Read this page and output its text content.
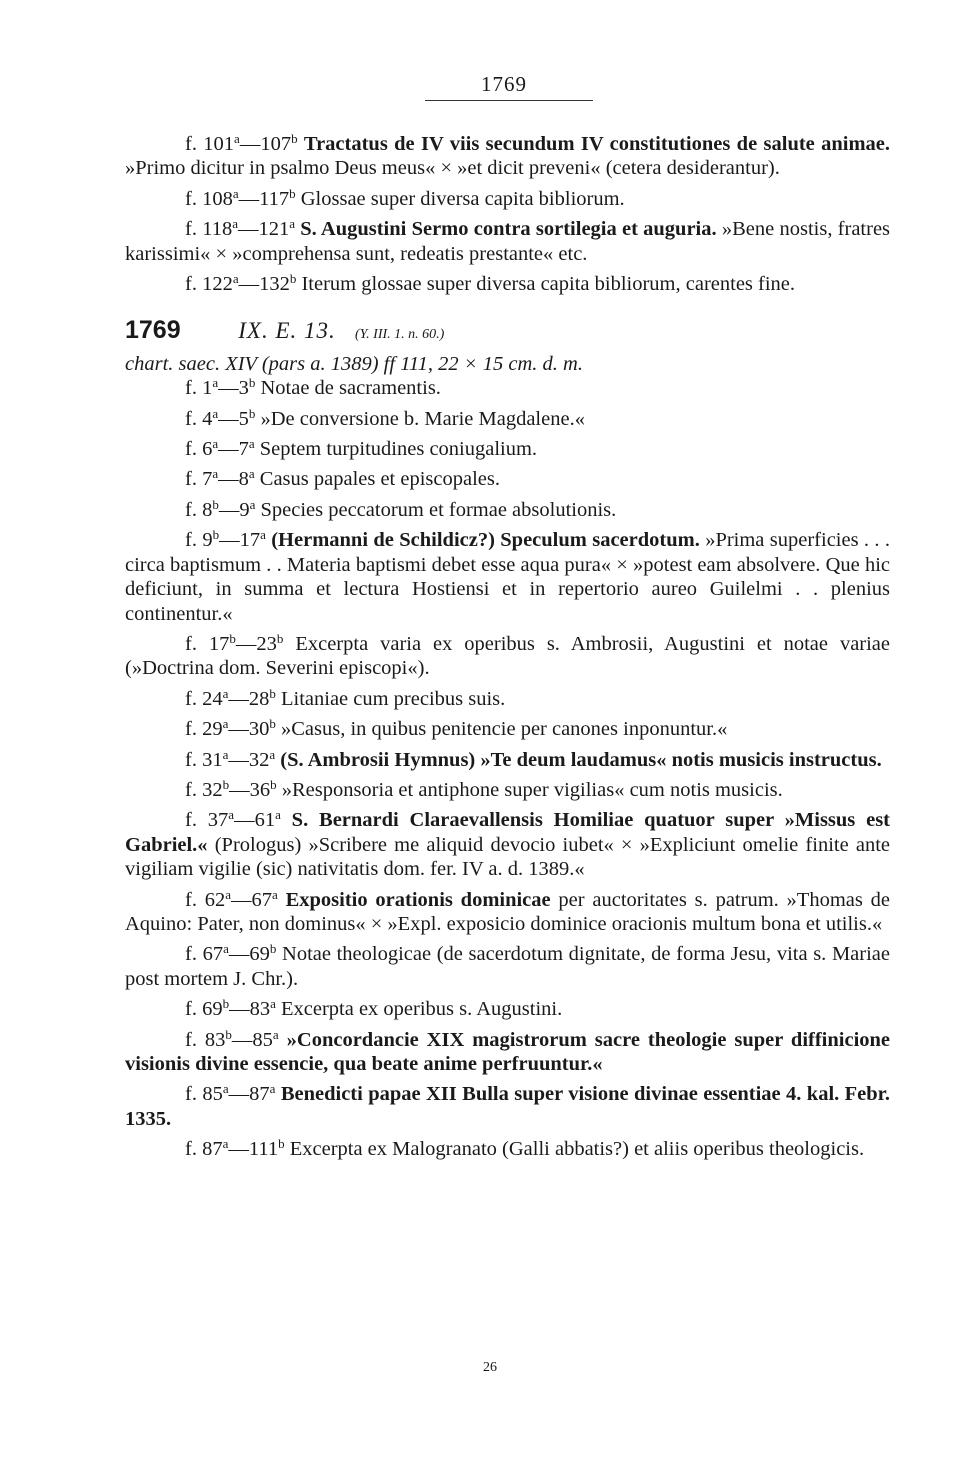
1769

f. 101$^a$—107$^b$ Tractatus de IV viis secundum IV constitutiones de salute animae. »Primo dicitur in psalmo Deus meus« × »et dicit preveni« (cetera desiderantur).

f. 108$^a$—117$^b$ Glossae super diversa capita bibliorum.

f. 118$^a$—121$^a$ S. Augustini Sermo contra sortilegia et auguria. »Bene nostis, fratres karissimi« × »comprehensa sunt, redeatis prestante« etc.

f. 122$^a$—132$^b$ Iterum glossae super diversa capita bibliorum, carentes fine.

1769	IX. E. 13. (Y. III. 1. n. 60.)

chart. saec. XIV (pars a. 1389) ff 111, 22 × 15 cm. d. m.

f. 1$^a$—3$^b$ Notae de sacramentis.

f. 4$^a$—5$^b$ »De conversione b. Marie Magdalene.«

f. 6$^a$—7$^a$ Septem turpitudines coniugalium.

f. 7$^a$—8$^a$ Casus papales et episcopales.

f. 8$^b$—9$^a$ Species peccatorum et formae absolutionis.

f. 9$^b$—17$^a$ (Hermanni de Schildicz?) Speculum sacerdotum. »Prima superficies . . . circa baptismum . . Materia baptismi debet esse aqua pura« × »potest eam absolvere. Que hic deficiunt, in summa et lectura Hostiensi et in repertorio aureo Guilelmi . . plenius continentur.«

f. 17$^b$—23$^b$ Excerpta varia ex operibus s. Ambrosii, Augustini et notae variae (»Doctrina dom. Severini episcopi«).

f. 24$^a$—28$^b$ Litaniae cum precibus suis.

f. 29$^a$—30$^b$ »Casus, in quibus penitencie per canones inponuntur.«

f. 31$^a$—32$^a$ (S. Ambrosii Hymnus) »Te deum laudamus« notis musicis instructus.

f. 32$^b$—36$^b$ »Responsoria et antiphone super vigilias« cum notis musicis.

f. 37$^a$—61$^a$ S. Bernardi Claraevallensis Homiliae quatuor super »Missus est Gabriel.« (Prologus) »Scribere me aliquid devocio iubet« × »Expliciunt omelie finite ante vigiliam vigilie (sic) nativitatis dom. fer. IV a. d. 1389.«

f. 62$^a$—67$^a$ Expositio orationis dominicae per auctoritates s. patrum. »Thomas de Aquino: Pater, non dominus« × »Expl. exposicio dominice oracionis multum bona et utilis.«

f. 67$^a$—69$^b$ Notae theologicae (de sacerdotum dignitate, de forma Jesu, vita s. Mariae post mortem J. Chr.).

f. 69$^b$—83$^a$ Excerpta ex operibus s. Augustini.

f. 83$^b$—85$^a$ »Concordancie XIX magistrorum sacre theologie super diffinicione visionis divine essencie, qua beate anime perfruuntur.«

f. 85$^a$—87$^a$ Benedicti papae XII Bulla super visione divinae essentiae 4. kal. Febr. 1335.

f. 87$^a$—111$^b$ Excerpta ex Malogranato (Galli abbatis?) et aliis operibus theologicis.

26
